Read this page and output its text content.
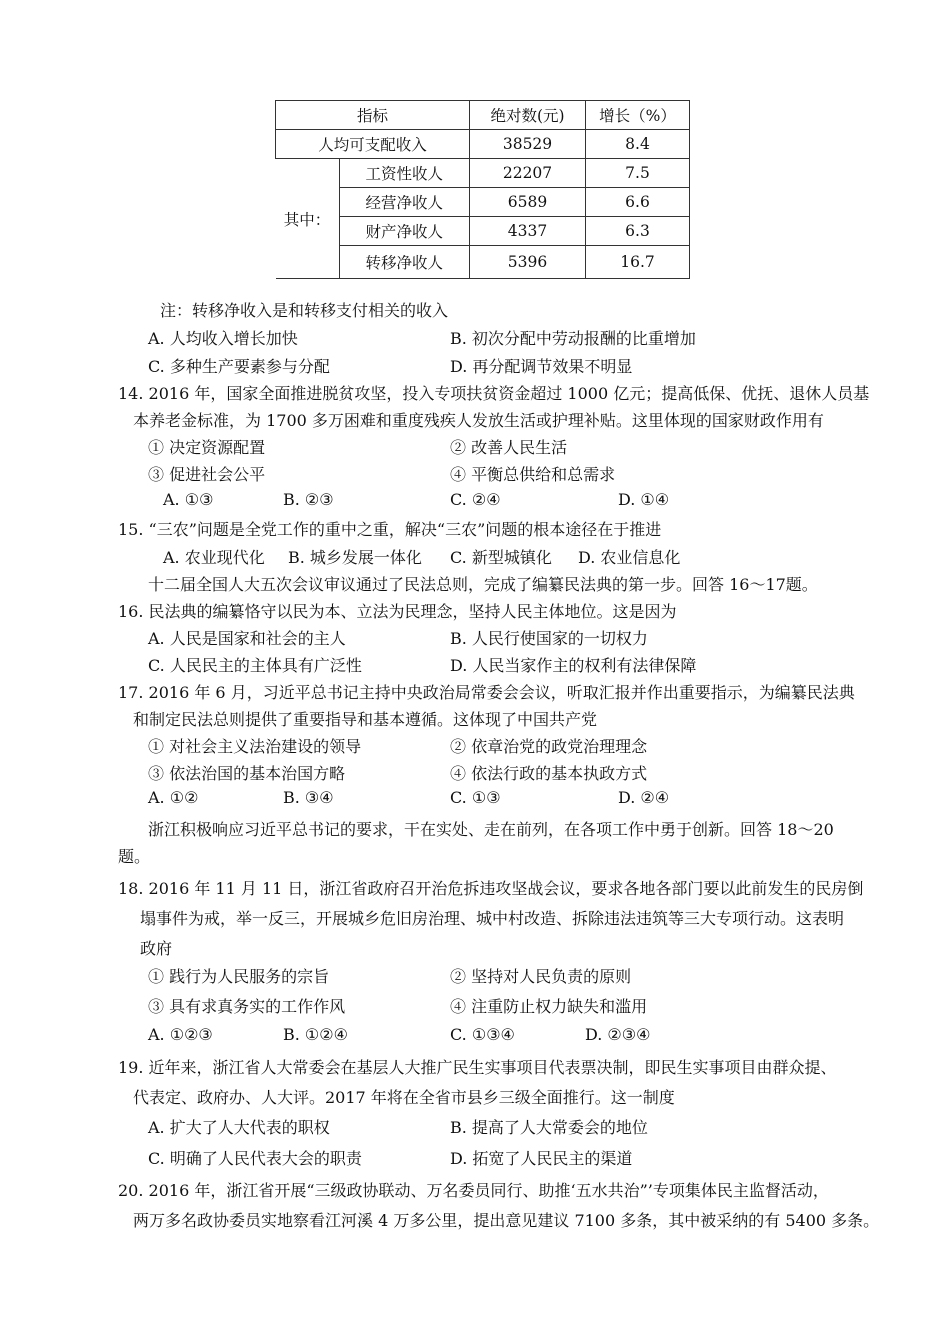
指标		绝对数(元)	增长（%）
人均可支配收入		38529	8.4
其中：	工资性收人	22207	7.5
	经营净收人	6589	6.6
	财产净收人	4337	6.3
	转移净收人	5396	16.7
注：转移净收入是和转移支付相关的收入
A. 人均收入增长加快	B. 初次分配中劳动报酬的比重增加
C. 多种生产要素参与分配	D. 再分配调节效果不明显
14. 2016 年，国家全面推进脱贫攻坚，投入专项扶贫资金超过 1000 亿元；提高低保、优抚、退休人员基
本养老金标准，为 1700 多万困难和重度残疾人发放生活或护理补贴。这里体现的国家财政作用有
① 决定资源配置	② 改善人民生活
③ 促进社会公平	④ 平衡总供给和总需求
A. ①③	B. ②③	C. ②④	D. ①④
15. “三农”问题是全党工作的重中之重，解决“三农”问题的根本途径在于推进
A. 农业现代化 B. 城乡发展一体化 C. 新型城镇化 D. 农业信息化
十二届全国人大五次会议审议通过了民法总则，完成了编纂民法典的第一步。回答 16～17题。
16. 民法典的编纂恪守以民为本、立法为民理念，坚持人民主体地位。这是因为
A. 人民是国家和社会的主人	B. 人民行使国家的一切权力
C. 人民民主的主体具有广泛性	D. 人民当家作主的权利有法律保障
17. 2016 年 6 月，习近平总书记主持中央政治局常委会会议，听取汇报并作出重要指示，为编纂民法典
和制定民法总则提供了重要指导和基本遵循。这体现了中国共产党
① 对社会主义法治建设的领导	② 依章治党的政党治理理念
③ 依法治国的基本治国方略	④ 依法行政的基本执政方式
A. ①②	B. ③④	C. ①③	D. ②④
浙江积极响应习近平总书记的要求，干在实处、走在前列，在各项工作中勇于创新。回答 18～20
题。
18. 2016 年 11 月 11 日，浙江省政府召开治危拆违攻坚战会议，要求各地各部门要以此前发生的民房倒
塌事件为戒，举一反三，开展城乡危旧房治理、城中村改造、拆除违法违筑等三大专项行动。这表明
政府
① 践行为人民服务的宗旨	② 坚持对人民负责的原则
③ 具有求真务实的工作作风	④ 注重防止权力缺失和滥用
A. ①②③	B. ①②④	C. ①③④	D. ②③④
19. 近年来，浙江省人大常委会在基层人大推广民生实事项目代表票决制，即民生实事项目由群众提、
代表定、政府办、人大评。2017 年将在全省市县乡三级全面推行。这一制度
A. 扩大了人大代表的职权	B. 提高了人大常委会的地位
C. 明确了人民代表大会的职责	D. 拓宽了人民民主的渠道
20. 2016 年，浙江省开展“三级政协联动、万名委员同行、助推‘五水共治”’专项集体民主监督活动，
两万多名政协委员实地察看江河溪 4 万多公里，提出意见建议 7100 多条，其中被采纳的有 5400 多条。
